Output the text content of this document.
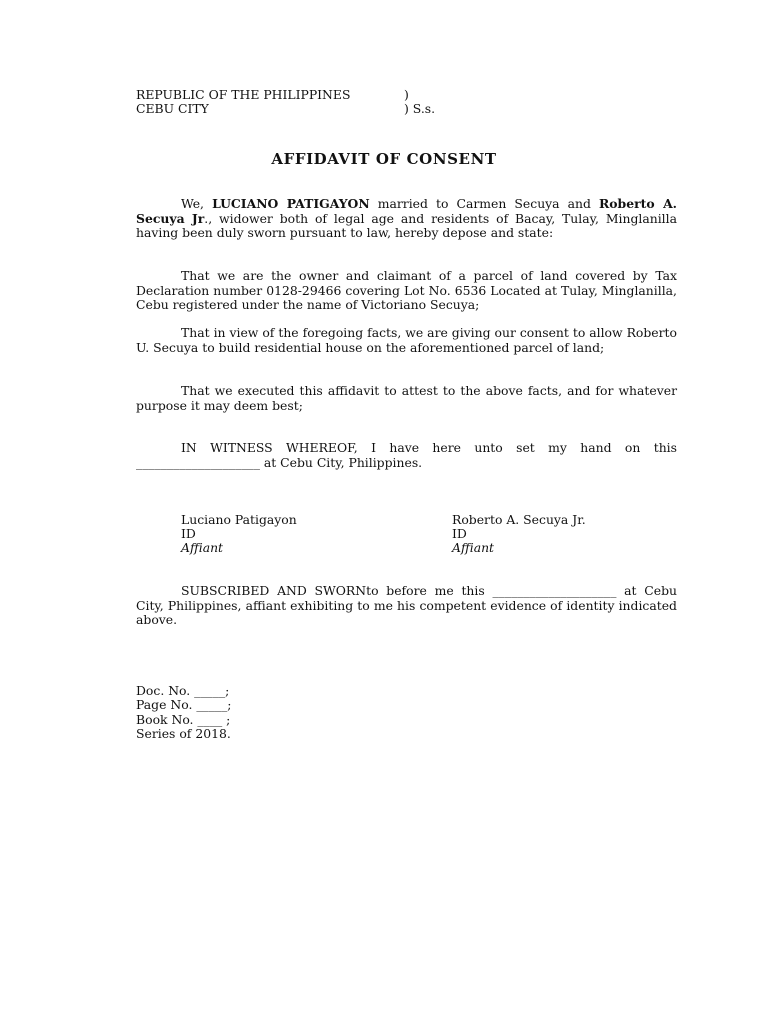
REPUBLIC OF THE PHILIPPINES	)
CEBU CITY	) S.s.
AFFIDAVIT OF CONSENT

We, LUCIANO PATIGAYON married to Carmen Secuya and Roberto A. Secuya Jr., widower both of legal age and residents of Bacay, Tulay, Minglanilla having been duly sworn pursuant to law, hereby depose and state:

That we are the owner and claimant of a parcel of land covered by Tax Declaration number 0128-29466 covering Lot No. 6536 Located at Tulay, Minglanilla, Cebu registered under the name of Victoriano Secuya;

That in view of the foregoing facts, we are giving our consent to allow Roberto U. Secuya to build residential house on the aforementioned parcel of land;

That we executed this affidavit to attest to the above facts, and for whatever purpose it may deem best;

IN WITNESS WHEREOF, I have here unto set my hand on this
____________________ at Cebu City, Philippines.
Luciano Patigayon
ID
Affiant
Roberto A. Secuya Jr.
ID
Affiant

SUBSCRIBED AND SWORNto before me this ____________________ at Cebu City, Philippines, affiant exhibiting to me his competent evidence of identity indicated above.

Doc. No. _____;
Page No. _____;
Book No. ____ ;
Series of 2018.
